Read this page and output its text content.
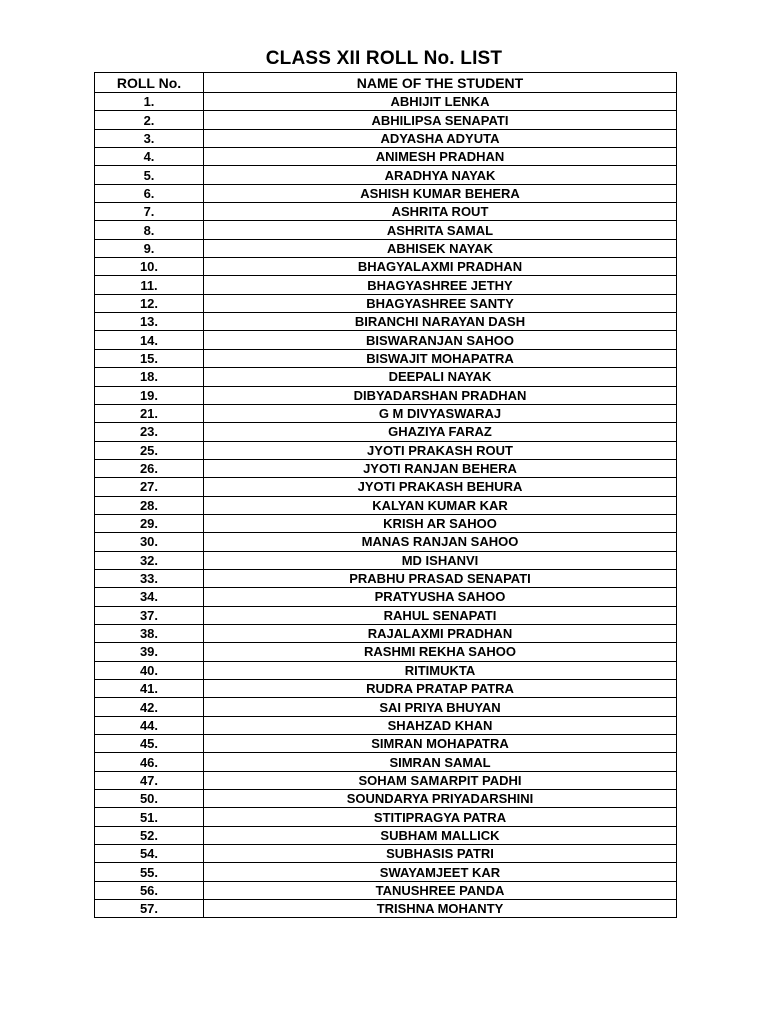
CLASS XII ROLL No. LIST
ROLL No.	NAME OF THE STUDENT
1.	ABHIJIT LENKA
2.	ABHILIPSA SENAPATI
3.	ADYASHA ADYUTA
4.	ANIMESH PRADHAN
5.	ARADHYA NAYAK
6.	ASHISH KUMAR BEHERA
7.	ASHRITA ROUT
8.	ASHRITA SAMAL
9.	ABHISEK NAYAK
10.	BHAGYALAXMI PRADHAN
11.	BHAGYASHREE JETHY
12.	BHAGYASHREE SANTY
13.	BIRANCHI NARAYAN DASH
14.	BISWARANJAN SAHOO
15.	BISWAJIT MOHAPATRA
18.	DEEPALI NAYAK
19.	DIBYADARSHAN PRADHAN
21.	G M DIVYASWARAJ
23.	GHAZIYA FARAZ
25.	JYOTI PRAKASH ROUT
26.	JYOTI RANJAN BEHERA
27.	JYOTI PRAKASH BEHURA
28.	KALYAN KUMAR KAR
29.	KRISH AR SAHOO
30.	MANAS RANJAN SAHOO
32.	MD ISHANVI
33.	PRABHU PRASAD SENAPATI
34.	PRATYUSHA SAHOO
37.	RAHUL SENAPATI
38.	RAJALAXMI PRADHAN
39.	RASHMI REKHA SAHOO
40.	RITIMUKTA
41.	RUDRA PRATAP PATRA
42.	SAI PRIYA BHUYAN
44.	SHAHZAD KHAN
45.	SIMRAN MOHAPATRA
46.	SIMRAN SAMAL
47.	SOHAM SAMARPIT PADHI
50.	SOUNDARYA PRIYADARSHINI
51.	STITIPRAGYA PATRA
52.	SUBHAM MALLICK
54.	SUBHASIS PATRI
55.	SWAYAMJEET KAR
56.	TANUSHREE PANDA
57.	TRISHNA MOHANTY
